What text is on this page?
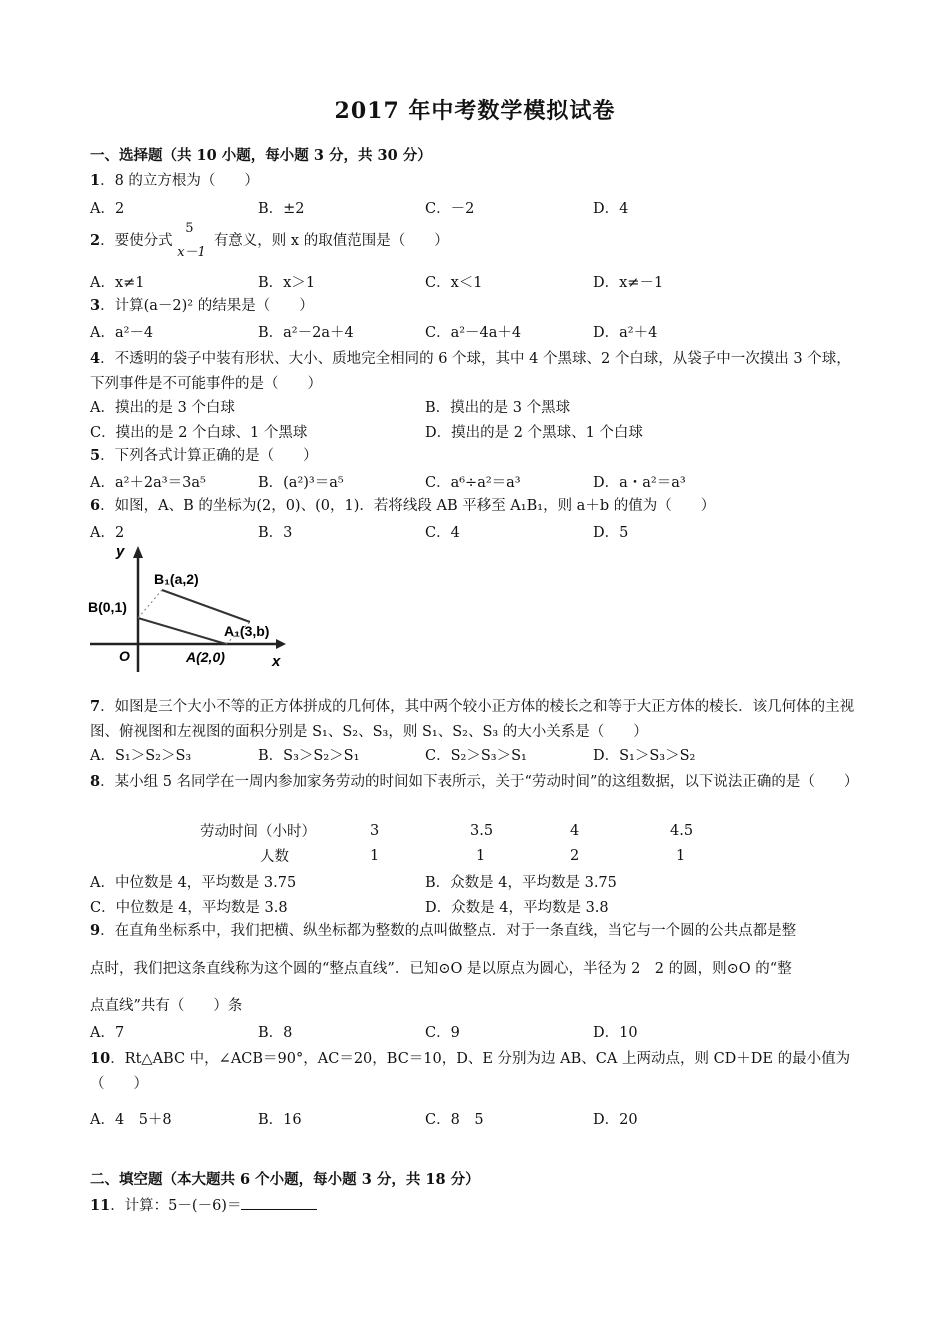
2017 年中考数学模拟试卷
一、选择题（共 10 小题，每小题 3 分，共 30 分）
1．8 的立方根为（　　）
A．2	B．±2	C．－2	D．4
2．要使分式
5
x－1
有意义，则 x 的取值范围是（　　）
A．x≠1	B．x＞1	C．x＜1	D．x≠－1
3．计算(a－2)² 的结果是（　　）
A．a²－4	B．a²－2a＋4	C．a²－4a＋4	D．a²＋4
4．不透明的袋子中装有形状、大小、质地完全相同的 6 个球，其中 4 个黑球、2 个白球，从袋子中一次摸出 3 个球，下列事件是不可能事件的是（　　）
A．摸出的是 3 个白球	B．摸出的是 3 个黑球
C．摸出的是 2 个白球、1 个黑球	D．摸出的是 2 个黑球、1 个白球
5．下列各式计算正确的是（　　）
A．a²＋2a³＝3a⁵	B．(a²)³＝a⁵	C．a⁶÷a²＝a³	D．a・a²＝a³
6．如图，A、B 的坐标为(2，0)、(0，1)．若将线段 AB 平移至 A₁B₁，则 a＋b 的值为（　　）
A．2	B．3	C．4	D．5
y
x
O
B(0,1)
A(2,0)
B₁(a,2)
A₁(3,b)
7．如图是三个大小不等的正方体拼成的几何体，其中两个较小正方体的棱长之和等于大正方体的棱长．该几何体的主视图、俯视图和左视图的面积分别是 S₁、S₂、S₃，则 S₁、S₂、S₃ 的大小关系是（　　）
A．S₁＞S₂＞S₃	B．S₃＞S₂＞S₁	C．S₂＞S₃＞S₁	D．S₁＞S₃＞S₂
8．某小组 5 名同学在一周内参加家务劳动的时间如下表所示，关于“劳动时间”的这组数据，以下说法正确的是（　　）
劳动时间（小时）	3	3.5	4	4.5
人数	1	1	2	1
A．中位数是 4，平均数是 3.75	B．众数是 4，平均数是 3.75
C．中位数是 4，平均数是 3.8	D．众数是 4，平均数是 3.8
9．在直角坐标系中，我们把横、纵坐标都为整数的点叫做整点．对于一条直线，当它与一个圆的公共点都是整
点时，我们把这条直线称为这个圆的“整点直线”．已知⊙O 是以原点为圆心，半径为 2　2 的圆，则⊙O 的“整
点直线”共有（　　）条
A．7	B．8	C．9	D．10
10．Rt△ABC 中，∠ACB＝90°，AC＝20，BC＝10，D、E 分别为边 AB、CA 上两动点，则 CD＋DE 的最小值为（　　）
A．4　5＋8	B．16	C．8　5	D．20
二、填空题（本大题共 6 个小题，每小题 3 分，共 18 分）
11．计算：5－(－6)＝
